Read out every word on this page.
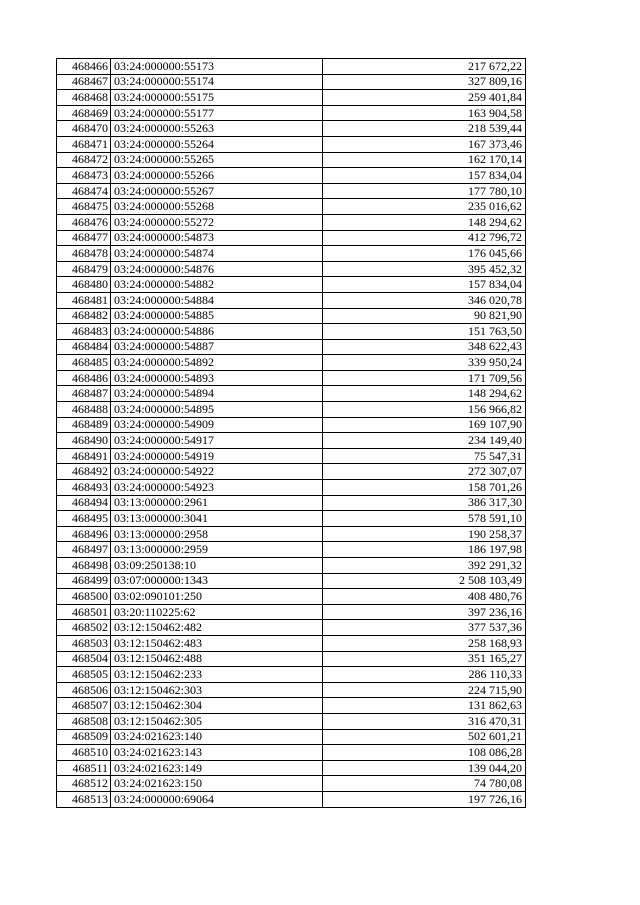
468466	03:24:000000:55173	217 672,22
468467	03:24:000000:55174	327 809,16
468468	03:24:000000:55175	259 401,84
468469	03:24:000000:55177	163 904,58
468470	03:24:000000:55263	218 539,44
468471	03:24:000000:55264	167 373,46
468472	03:24:000000:55265	162 170,14
468473	03:24:000000:55266	157 834,04
468474	03:24:000000:55267	177 780,10
468475	03:24:000000:55268	235 016,62
468476	03:24:000000:55272	148 294,62
468477	03:24:000000:54873	412 796,72
468478	03:24:000000:54874	176 045,66
468479	03:24:000000:54876	395 452,32
468480	03:24:000000:54882	157 834,04
468481	03:24:000000:54884	346 020,78
468482	03:24:000000:54885	90 821,90
468483	03:24:000000:54886	151 763,50
468484	03:24:000000:54887	348 622,43
468485	03:24:000000:54892	339 950,24
468486	03:24:000000:54893	171 709,56
468487	03:24:000000:54894	148 294,62
468488	03:24:000000:54895	156 966,82
468489	03:24:000000:54909	169 107,90
468490	03:24:000000:54917	234 149,40
468491	03:24:000000:54919	75 547,31
468492	03:24:000000:54922	272 307,07
468493	03:24:000000:54923	158 701,26
468494	03:13:000000:2961	386 317,30
468495	03:13:000000:3041	578 591,10
468496	03:13:000000:2958	190 258,37
468497	03:13:000000:2959	186 197,98
468498	03:09:250138:10	392 291,32
468499	03:07:000000:1343	2 508 103,49
468500	03:02:090101:250	408 480,76
468501	03:20:110225:62	397 236,16
468502	03:12:150462:482	377 537,36
468503	03:12:150462:483	258 168,93
468504	03:12:150462:488	351 165,27
468505	03:12:150462:233	286 110,33
468506	03:12:150462:303	224 715,90
468507	03:12:150462:304	131 862,63
468508	03:12:150462:305	316 470,31
468509	03:24:021623:140	502 601,21
468510	03:24:021623:143	108 086,28
468511	03:24:021623:149	139 044,20
468512	03:24:021623:150	74 780,08
468513	03:24:000000:69064	197 726,16
